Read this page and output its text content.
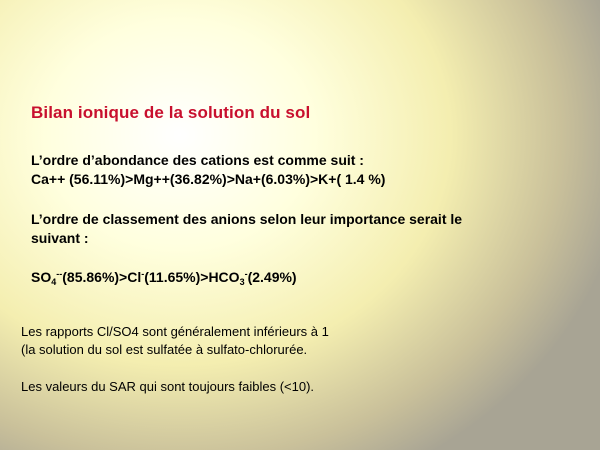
Bilan ionique de la solution du sol
L’ordre d’abondance des cations est comme suit :
Ca++ (56.11%)>Mg++(36.82%)>Na+(6.03%)>K+( 1.4 %)
L’ordre de classement des anions selon leur importance serait le
suivant :
$SO_4^{--}(85.86\%)>Cl^-(11.65\%)>HCO_3^-(2.49\%)$
Les rapports Cl/SO4 sont généralement inférieurs à 1
(la solution du sol est sulfatée à sulfato-chlorurée.
Les valeurs du SAR qui sont toujours faibles (<10).
